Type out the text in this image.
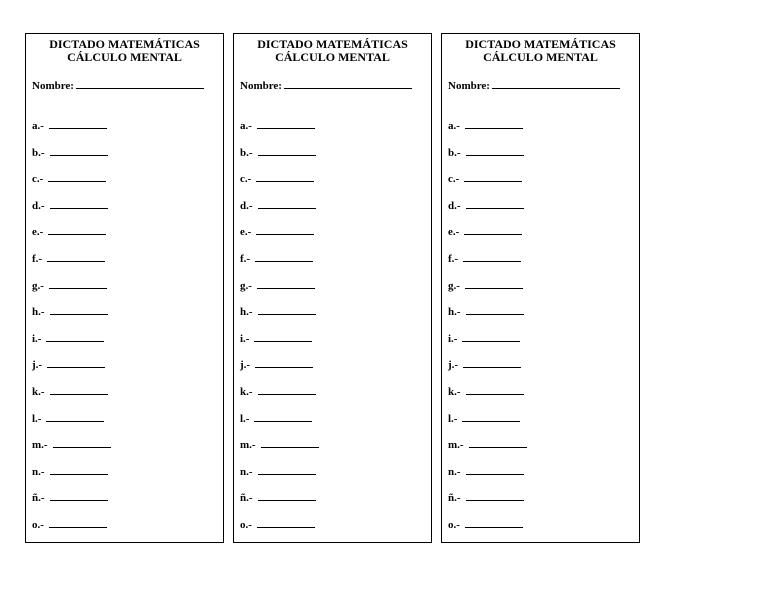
DICTADO MATEMÁTICAS
CÁLCULO MENTAL
Nombre:
a.-
b.-
c.-
d.-
e.-
f.-
g.-
h.-
i.-
j.-
k.-
l.-
m.-
n.-
ñ.-
o.-
DICTADO MATEMÁTICAS
CÁLCULO MENTAL
Nombre:
a.-
b.-
c.-
d.-
e.-
f.-
g.-
h.-
i.-
j.-
k.-
l.-
m.-
n.-
ñ.-
o.-
DICTADO MATEMÁTICAS
CÁLCULO MENTAL
Nombre:
a.-
b.-
c.-
d.-
e.-
f.-
g.-
h.-
i.-
j.-
k.-
l.-
m.-
n.-
ñ.-
o.-
